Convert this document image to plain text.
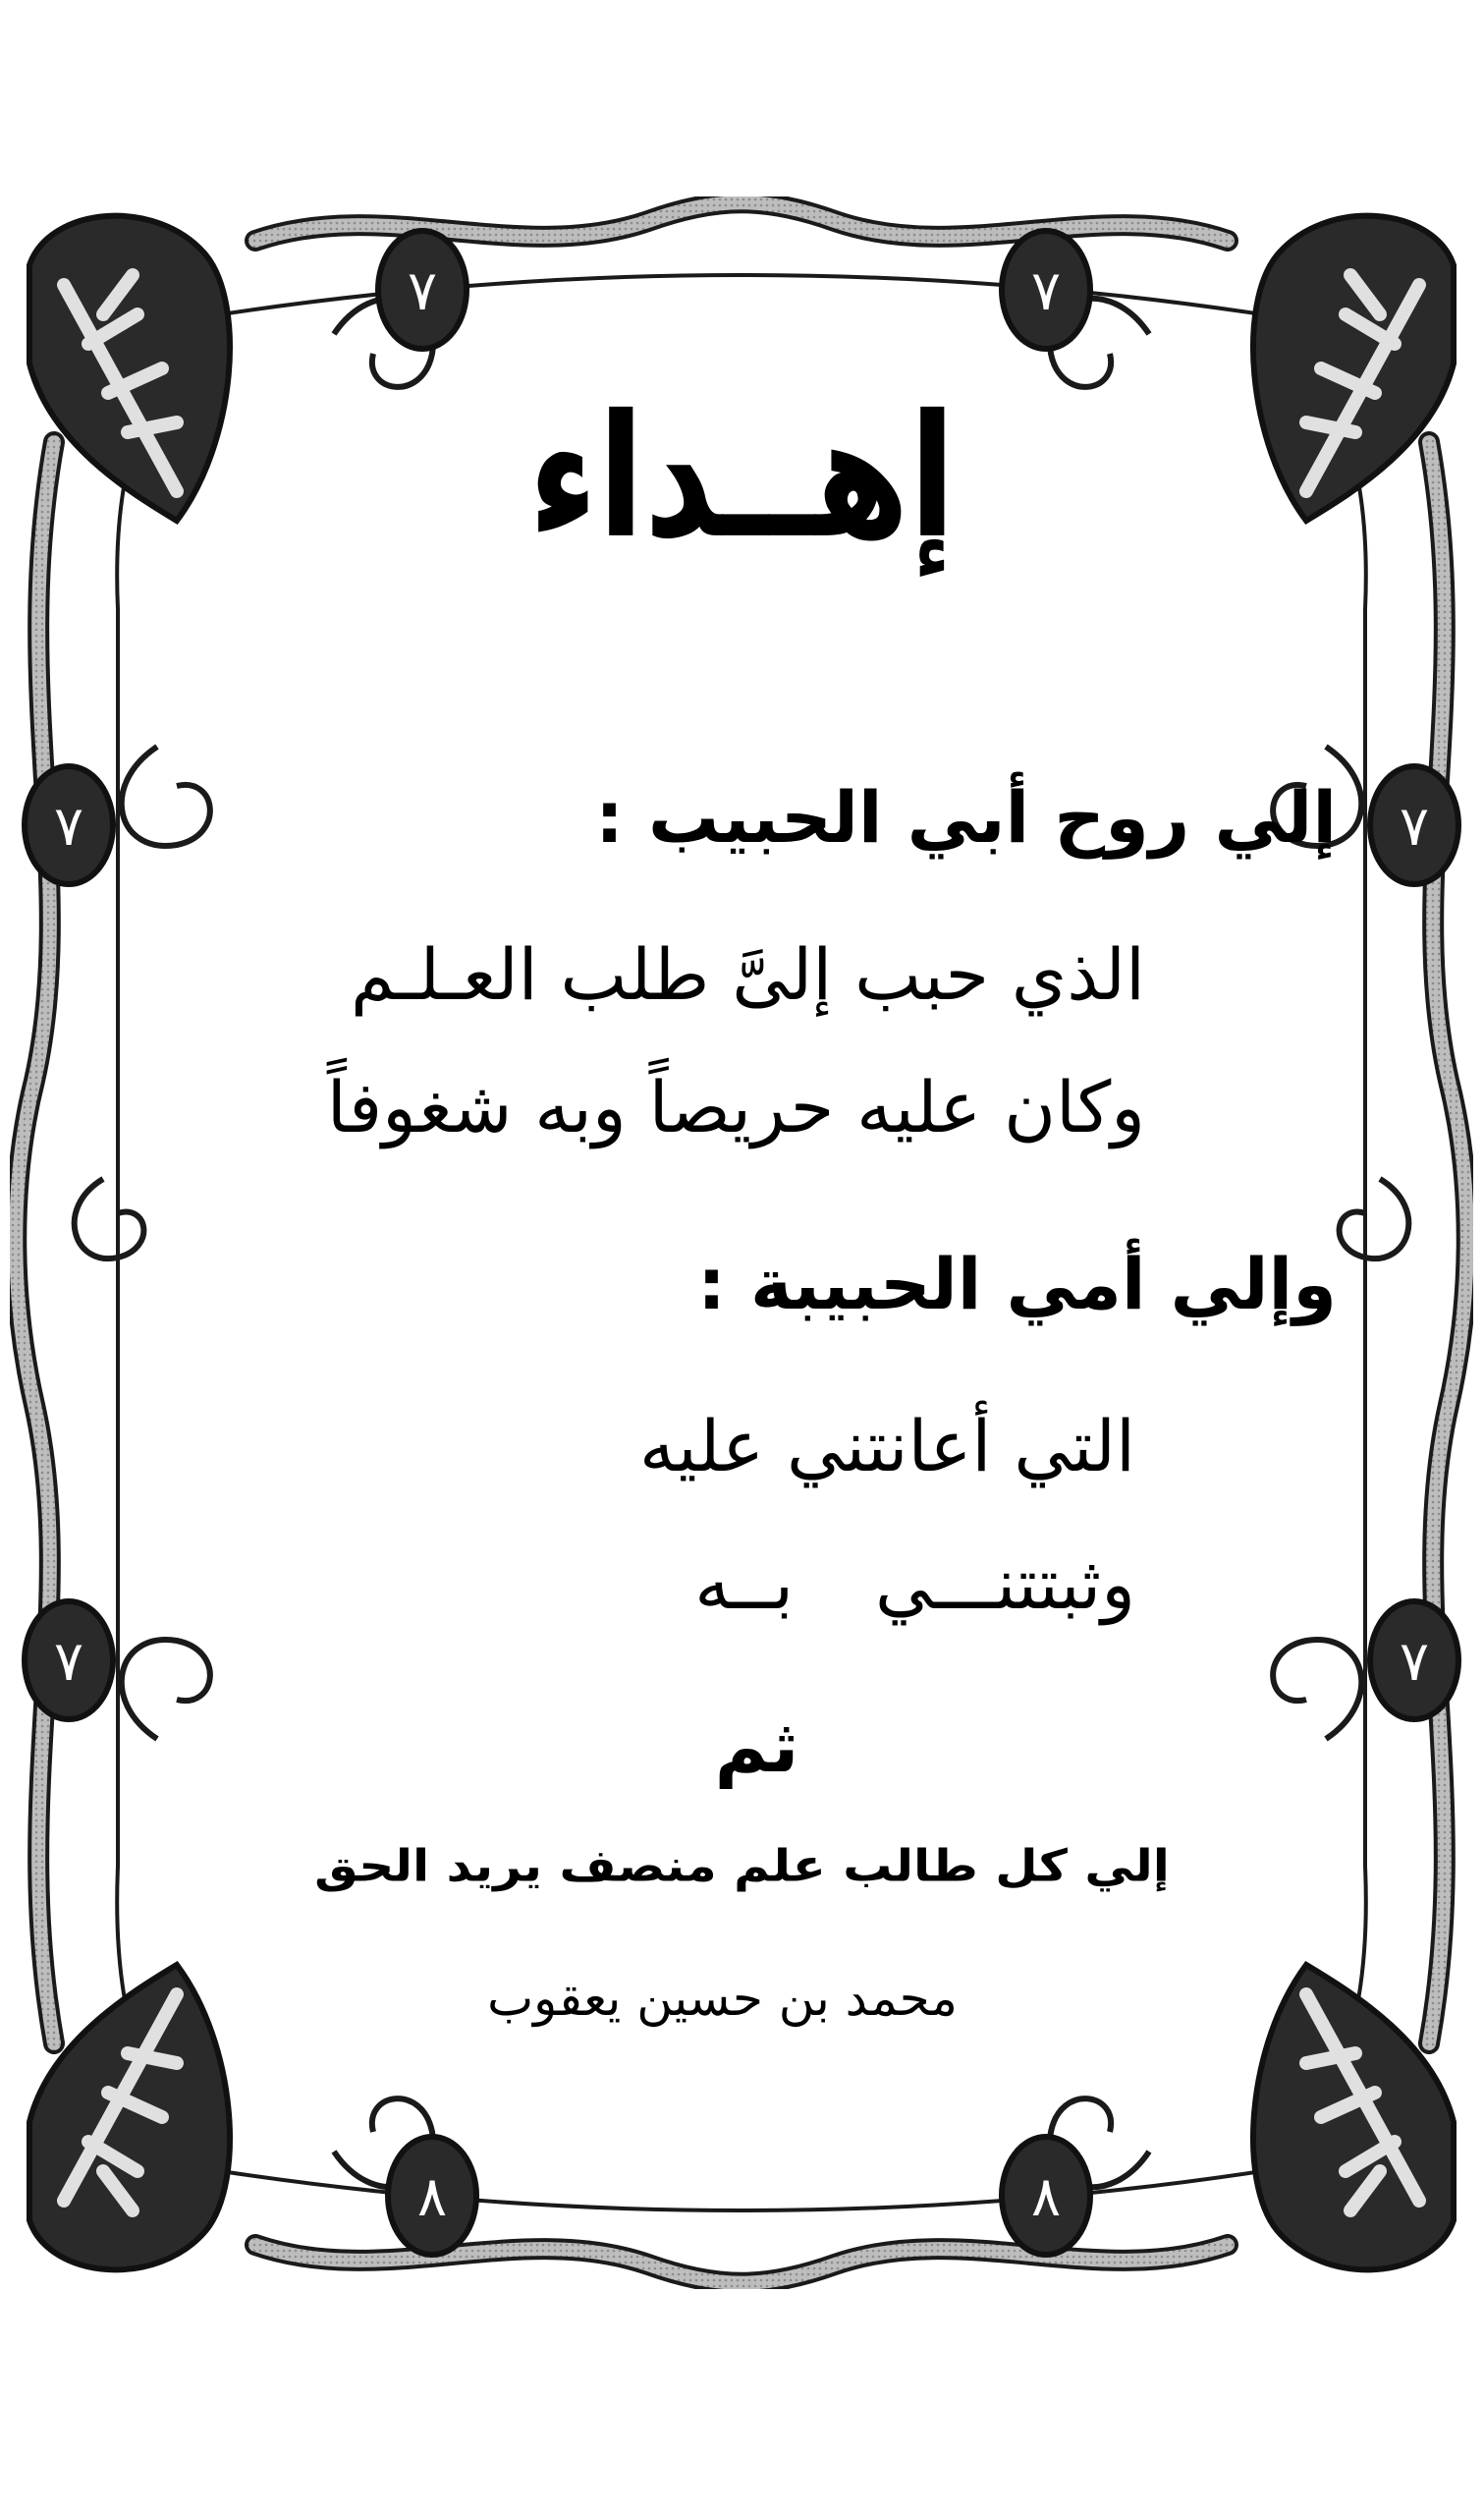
٧	٧
٧	٧
٧	٧
٨	٨
إهــداء
إلي روح أبي الحبيب :
الذي حبب إلىَّ طلب العـلـم
وكان عليه حريصاً وبه شغوفاً
وإلي أمي الحبيبة :
التي أعانتني عليه
وثبتتنـــي بــه
ثم
إلي كل طالب علم منصف يريد الحق
محمد بن حسين يعقوب
